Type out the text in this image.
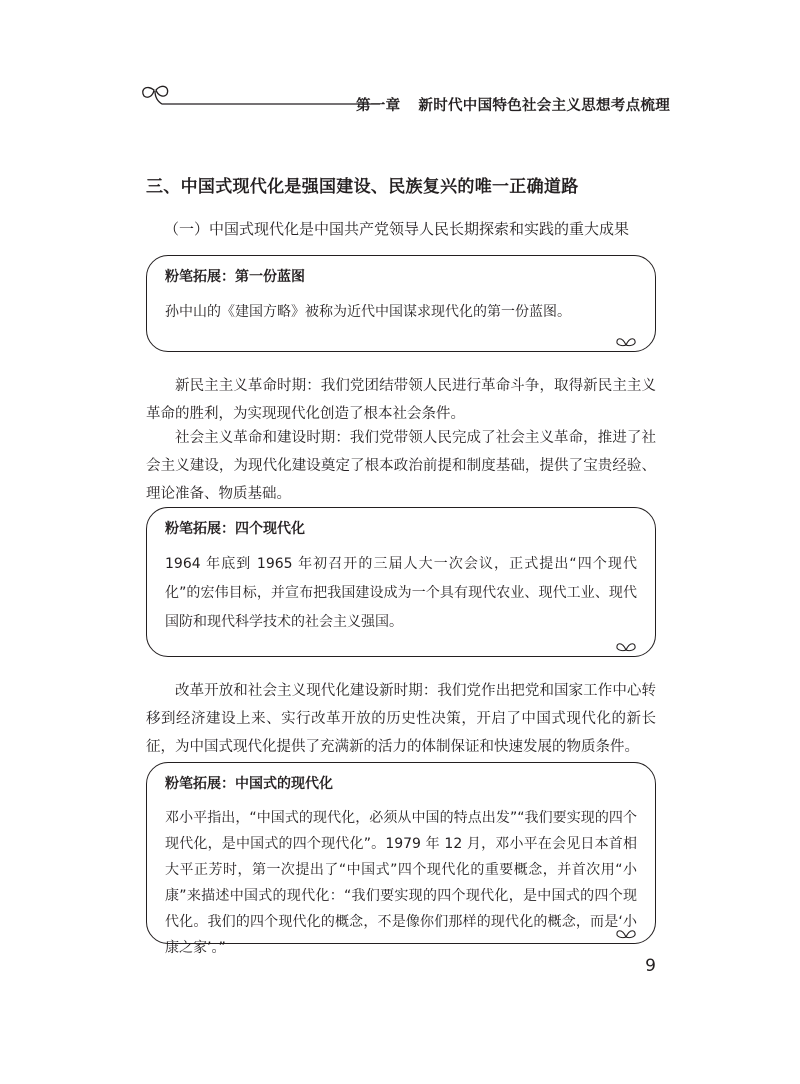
第一章 新时代中国特色社会主义思想考点梳理
三、中国式现代化是强国建设、民族复兴的唯一正确道路
（一）中国式现代化是中国共产党领导人民长期探索和实践的重大成果
粉笔拓展：第一份蓝图

孙中山的《建国方略》被称为近代中国谋求现代化的第一份蓝图。

新民主主义革命时期：我们党团结带领人民进行革命斗争，取得新民主主义革命的胜利，为实现现代化创造了根本社会条件。

社会主义革命和建设时期：我们党带领人民完成了社会主义革命，推进了社会主义建设，为现代化建设奠定了根本政治前提和制度基础，提供了宝贵经验、理论准备、物质基础。

粉笔拓展：四个现代化

1964 年底到 1965 年初召开的三届人大一次会议，正式提出“四个现代化”的宏伟目标，并宣布把我国建设成为一个具有现代农业、现代工业、现代国防和现代科学技术的社会主义强国。

改革开放和社会主义现代化建设新时期：我们党作出把党和国家工作中心转移到经济建设上来、实行改革开放的历史性决策，开启了中国式现代化的新长征，为中国式现代化提供了充满新的活力的体制保证和快速发展的物质条件。

粉笔拓展：中国式的现代化

邓小平指出，“中国式的现代化，必须从中国的特点出发”“我们要实现的四个现代化，是中国式的四个现代化”。1979 年 12 月，邓小平在会见日本首相大平正芳时，第一次提出了“中国式”四个现代化的重要概念，并首次用“小康”来描述中国式的现代化：“我们要实现的四个现代化，是中国式的四个现代化。我们的四个现代化的概念，不是像你们那样的现代化的概念，而是‘小康之家’。”

9
